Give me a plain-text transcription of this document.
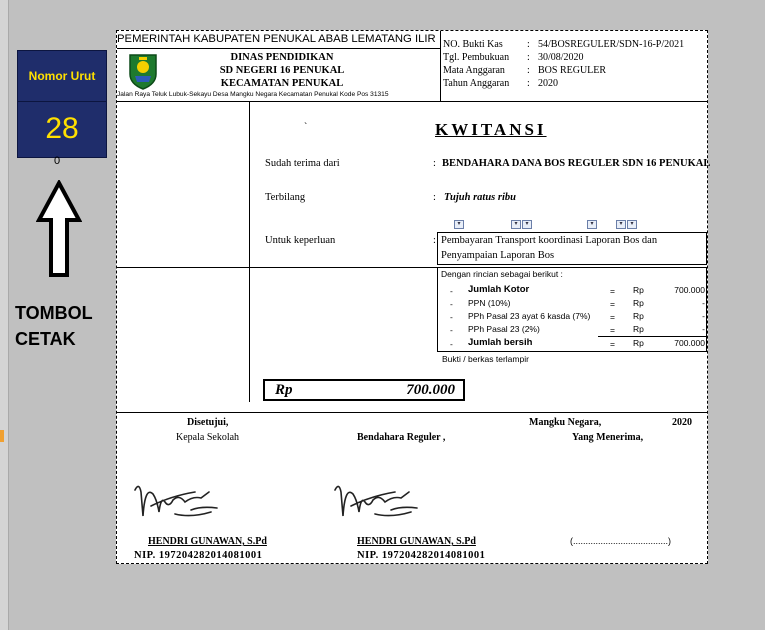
Nomor Urut
28
0
TOMBOL
CETAK
PEMERINTAH KABUPATEN PENUKAL ABAB LEMATANG ILIR
DINAS PENDIDIKAN
SD NEGERI 16 PENUKAL
KECAMATAN PENUKAL
Jalan Raya Teluk Lubuk-Sekayu Desa Mangku Negara Kecamatan Penukal Kode Pos 31315
NO. Bukti Kas : 54/BOSREGULER/SDN-16-P/2021
Tgl. Pembukuan : 30/08/2020
Mata Anggaran : BOS REGULER
Tahun Anggaran : 2020
`	KWITANSI
Sudah terima dari	: BENDAHARA DANA BOS REGULER SDN 16 PENUKAL
Terbilang	: Tujuh ratus ribu
▾	▾	▾	▾	▾	▾
Untuk keperluan	: Pembayaran Transport koordinasi Laporan Bos dan
Penyampaian Laporan Bos
Dengan rincian sebagai berikut :
- Jumlah Kotor	= Rp	700.000
- PPN (10%)	= Rp	-
- PPh Pasal 23 ayat 6 kasda (7%)	= Rp	-
- PPh Pasal 23 (2%)	= Rp	-
- Jumlah bersih	= Rp	700.000
Bukti / berkas terlampir
Rp	700.000
Disetujui,
Kepala Sekolah	Bendahara Reguler ,
Mangku Negara,	2020
Yang Menerima,
HENDRI GUNAWAN, S.Pd
NIP. 197204282014081001
HENDRI GUNAWAN, S.Pd
NIP. 197204282014081001
(......................................)
